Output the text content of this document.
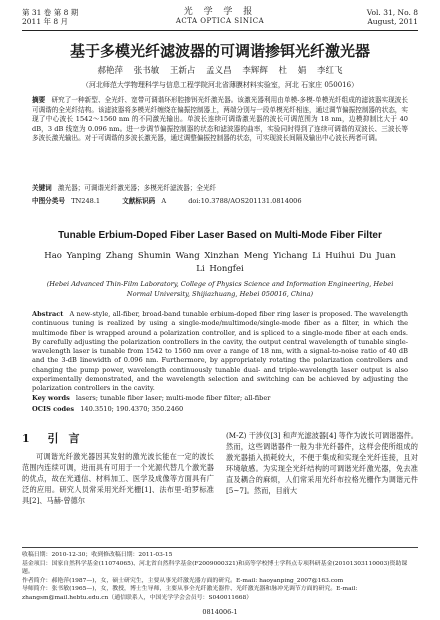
第 31 卷 第 8 期
2011 年 8 月
光 学 学 报
ACTA OPTICA SINICA
Vol. 31, No. 8
August, 2011
基于多模光纤滤波器的可调谐掺铒光纤激光器
郝艳萍 张书敏 王新占 孟义昌 李辉辉 杜 娟 李红飞
（河北师范大学物理科学与信息工程学院河北省薄膜材料实验室，河北 石家庄 050016）
摘要 研究了一种新型、全光纤、宽带可调谐环形腔掺铒光纤激光器。该激光器利用由单模-多模-单模光纤组成的滤波器实现波长可调谐的全光纤结构。该滤波器将多模光纤缠绕在偏振控制器上，两端分别与一段单模光纤相连，通过调节偏振控制器的状态，实现了中心波长 1542～1560 nm 的不同激光输出。单波长连续可调谐激光器的波长可调范围为 18 nm，边模抑制比大于 40 dB，3 dB 线宽为 0.096 nm。进一步调节偏振控制器的状态和滤波器的曲率，实验同时得到了连续可调谐的双波长、三波长等多波长激光输出。对于可调谐的多波长激光器，通过调整偏振控制器的状态，可实现波长间隔及输出中心波长两者可调。
关键词 激光器；可调谐光纤激光器；多模光纤滤波器；全光纤
中图分类号 TN248.1	文献标识码 A	doi:10.3788/AOS201131.0814006
Tunable Erbium-Doped Fiber Laser Based on Multi-Mode Fiber Filter
Hao Yanping Zhang Shumin Wang Xinzhan Meng Yichang Li Huihui Du Juan Li Hongfei
(Hebei Advanced Thin-Film Laboratory, College of Physics Science and Information Engineering, Hebei Normal University, Shijiazhuang, Hebei 050016, China)
Abstract A new-style, all-fiber, broad-band tunable erbium-doped fiber ring laser is proposed. The wavelength continuous tuning is realized by using a single-mode/multimode/single-mode fiber as a filter, in which the multimode fiber is wrapped around a polarization controller, and is spliced to a single-mode fiber at each ends. By carefully adjusting the polarization controllers in the cavity, the output central wavelength of tunable single-wavelength laser is tunable from 1542 to 1560 nm over a range of 18 nm, with a signal-to-noise ratio of 40 dB and the 3-dB linewidth of 0.096 nm. Furthermore, by appropriately rotating the polarization controllers and changing the pump power, wavelength continuously tunable dual- and triple-wavelength laser output is also experimentally demonstrated, and the wavelength selection and switching can be achieved by adjusting the polarization controllers in the cavity.
Key words lasers; tunable fiber laser; multi-mode fiber filter; all-fiber
OCIS codes 140.3510; 190.4370; 350.2460
1 引言
可调谐光纤激光器因其发射的激光波长能在一定的波长范围内连续可调，进而具有可用于一个光源代替几个激光器的优点，故在光通信、材料加工、医学及成像等方面具有广泛的应用。研究人员常采用光纤光栅[1]、法布里-珀罗标准具[2]、马赫-曾德尔
(M-Z) 干涉仪[3] 和声光滤波器[4] 等作为波长可调谐器件。然而，这些调谐器件一般为非光纤器件，这样会使所组成的激光器插入损耗较大，不便于集成和实现全光纤连接，且对环境敏感。为实现全光纤结构的可调谐光纤激光器，免去准直及耦合的麻烦，人们常采用光纤布拉格光栅作为调谐元件[5~7]。然而，目前大
收稿日期：2010-12-30；收到修改稿日期：2011-03-15
基金项目：国家自然科学基金(11074065)、河北省自然科学基金(F2009000321)和高等学校博士学科点专项科研基金(20101303110003)资助课题。
作者简介：郝艳萍(1987—)，女，硕士研究生，主要从事光纤激光器方面的研究。E-mail: haoyanping_2007@163.com
导师简介：张书敏(1965—)，女，教授，博士生导师，主要从事全光纤激光器件、光纤激光器和脉冲光调节方面的研究。E-mail: zhangsm@mail.hebtu.edu.cn（通信联系人，中国光学学会会员号：S040011668）
0814006-1
